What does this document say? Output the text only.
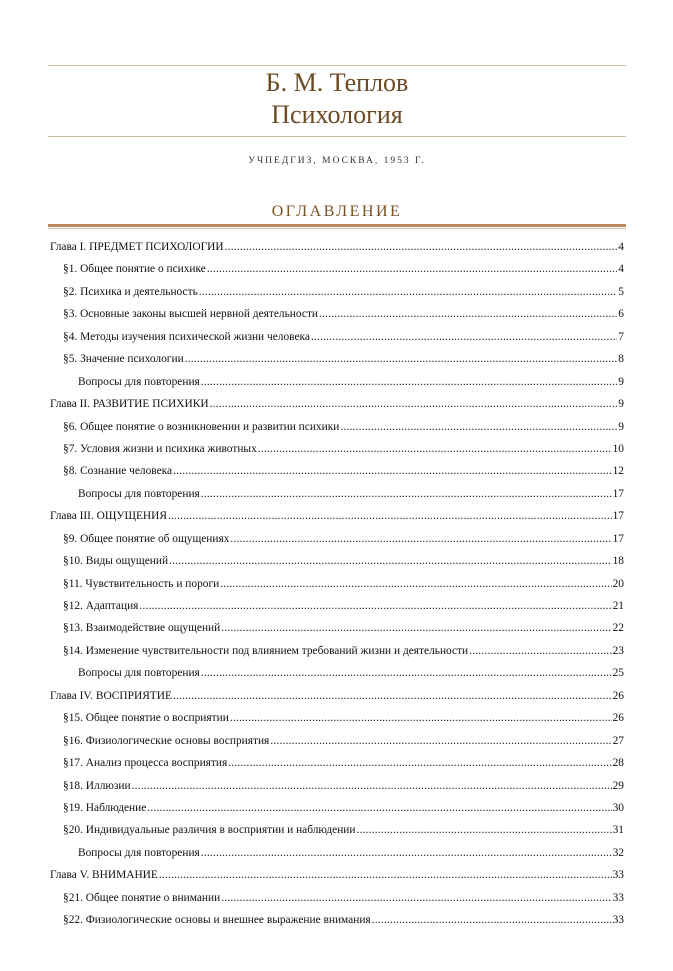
Б. М. Теплов
Психология
УЧПЕДГИЗ, МОСКВА, 1953 Г.
ОГЛАВЛЕНИЕ
Глава I. ПРЕДМЕТ ПСИХОЛОГИИ .....	4
§1. Общее понятие о психике .....	4
§2. Психика и деятельность .....	5
§3. Основные законы высшей нервной деятельности .....	6
§4. Методы изучения психической жизни человека .....	7
§5. Значение психологии .....	8
Вопросы для повторения .....	9
Глава II. РАЗВИТИЕ ПСИХИКИ .....	9
§6. Общее понятие о возникновении и развитии психики .....	9
§7. Условия жизни и психика животных .....	10
§8. Сознание человека .....	12
Вопросы для повторения .....	17
Глава III. ОЩУЩЕНИЯ .....	17
§9. Общее понятие об ощущениях .....	17
§10. Виды ощущений .....	18
§11. Чувствительность и пороги .....	20
§12. Адаптация .....	21
§13. Взаимодействие ощущений .....	22
§14. Изменение чувствительности под влиянием требований жизни и деятельности .....	23
Вопросы для повторения .....	25
Глава IV. ВОСПРИЯТИЕ .....	26
§15. Общее понятие о восприятии .....	26
§16. Физиологические основы восприятия .....	27
§17. Анализ процесса восприятия .....	28
§18. Иллюзии .....	29
§19. Наблюдение .....	30
§20. Индивидуальные различия в восприятии и наблюдении .....	31
Вопросы для повторения .....	32
Глава V. ВНИМАНИЕ .....	33
§21. Общее понятие о внимании .....	33
§22. Физиологические основы и внешнее выражение внимания .....	33
